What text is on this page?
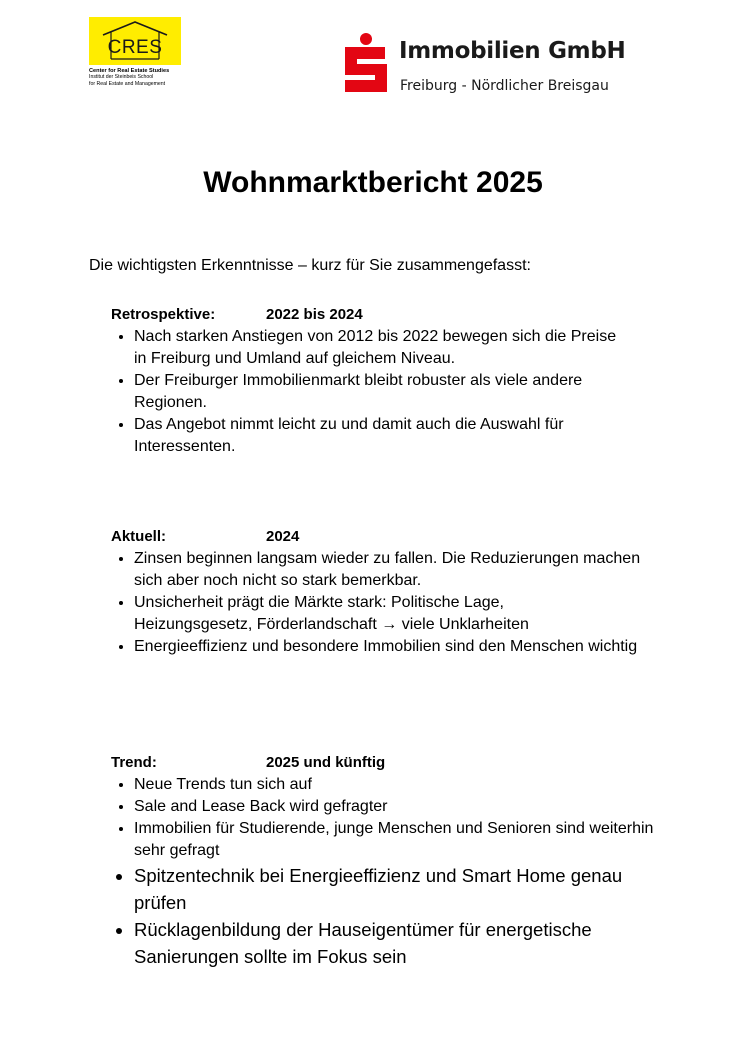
CRES
Center for Real Estate Studies
Institut der Steinbeis School
for Real Estate and Management
Immobilien GmbH
Freiburg - Nördlicher Breisgau
Wohnmarktbericht 2025

Die wichtigsten Erkenntnisse – kurz für Sie zusammengefasst:

Retrospektive:	2022 bis 2024
• Nach starken Anstiegen von 2012 bis 2022 bewegen sich die Preise in Freiburg und Umland auf gleichem Niveau.
• Der Freiburger Immobilienmarkt bleibt robuster als viele andere Regionen.
• Das Angebot nimmt leicht zu und damit auch die Auswahl für Interessenten.
Aktuell:	2024
• Zinsen beginnen langsam wieder zu fallen. Die Reduzierungen machen sich aber noch nicht so stark bemerkbar.
• Unsicherheit prägt die Märkte stark: Politische Lage, Heizungsgesetz, Förderlandschaft → viele Unklarheiten
• Energieeffizienz und besondere Immobilien sind den Menschen wichtig
Trend:	2025 und künftig
• Neue Trends tun sich auf
• Sale and Lease Back wird gefragter
• Immobilien für Studierende, junge Menschen und Senioren sind weiterhin sehr gefragt
• Spitzentechnik bei Energieeffizienz und Smart Home genau prüfen
• Rücklagenbildung der Hauseigentümer für energetische Sanierungen sollte im Fokus sein
